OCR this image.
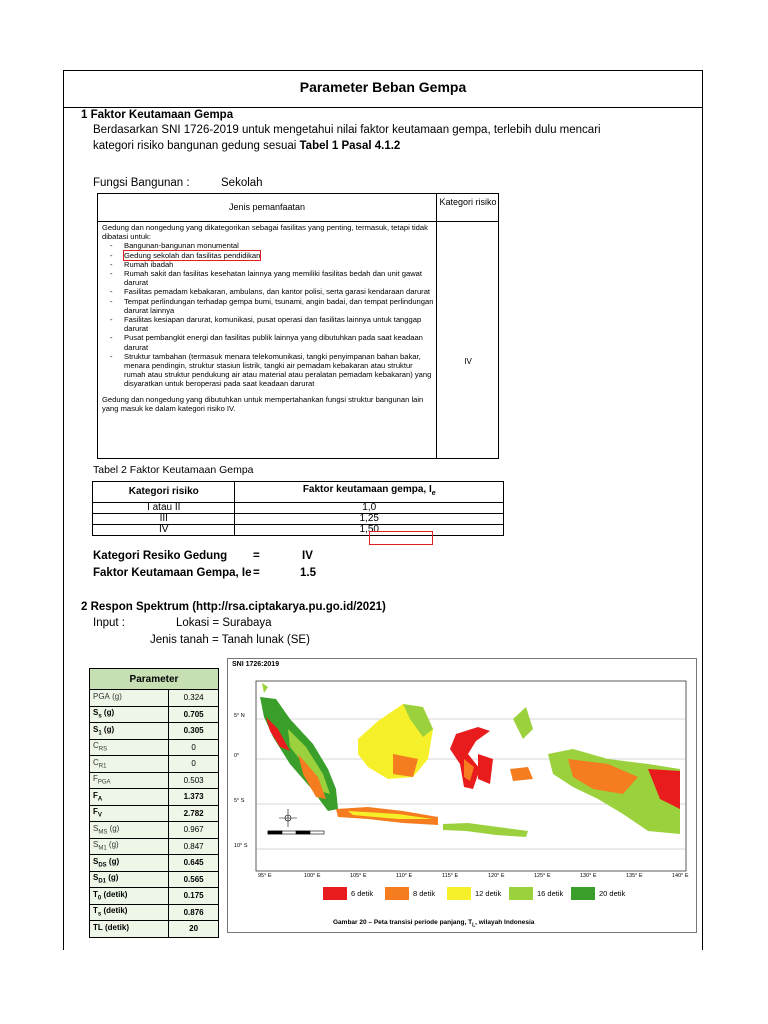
Parameter Beban Gempa
1 Faktor Keutamaan Gempa
Berdasarkan SNI 1726-2019 untuk mengetahui nilai faktor keutamaan gempa, terlebih dulu mencari
kategori risiko bangunan gedung sesuai Tabel 1 Pasal 4.1.2
Fungsi Bangunan :	Sekolah
Jenis pemanfaatan	Kategori risiko

Gedung dan nongedung yang dikategorikan sebagai fasilitas yang penting, termasuk, tetapi tidak dibatasi untuk:

- Bangunan-bangunan monumental
- Gedung sekolah dan fasilitas pendidikan
- Rumah ibadah
- Rumah sakit dan fasilitas kesehatan lainnya yang memiliki fasilitas bedah dan unit gawat darurat
- Fasilitas pemadam kebakaran, ambulans, dan kantor polisi, serta garasi kendaraan darurat
- Tempat perlindungan terhadap gempa bumi, tsunami, angin badai, dan tempat perlindungan darurat lainnya
- Fasilitas kesiapan darurat, komunikasi, pusat operasi dan fasilitas lainnya untuk tanggap darurat
- Pusat pembangkit energi dan fasilitas publik lainnya yang dibutuhkan pada saat keadaan darurat
- Struktur tambahan (termasuk menara telekomunikasi, tangki penyimpanan bahan bakar, menara pendingin, struktur stasiun listrik, tangki air pemadam kebakaran atau struktur rumah atau struktur pendukung air atau material atau peralatan pemadam kebakaran) yang disyaratkan untuk beroperasi pada saat keadaan darurat

Gedung dan nongedung yang dibutuhkan untuk mempertahankan fungsi struktur bangunan lain yang masuk ke dalam kategori risiko IV.

IV
Tabel 2 Faktor Keutamaan Gempa
Kategori risiko	Faktor keutamaan gempa, $I_e$
I atau II	1,0
III	1,25
IV	1,50
Kategori Resiko Gedung =	IV
Faktor Keutamaan Gempa, Ie =	1.5
2 Respon Spektrum (http://rsa.ciptakarya.pu.go.id/2021)
Input :	Lokasi = Surabaya
Jenis tanah = Tanah lunak (SE)
Parameter	
PGA (g)	0.324
$S_s$ (g)	0.705
$S_1$ (g)	0.305
$C_{RS}$	0
$C_{R1}$	0
$F_{PGA}$	0.503
$F_A$	1.373
$F_V$	2.782
$S_{MS}$ (g)	0.967
$S_{M1}$ (g)	0.847
$S_{DS}$ (g)	0.645
$S_{D1}$ (g)	0.565
$T_0$ (detik)	0.175
$T_s$ (detik)	0.876
TL (detik)	20
SNI 1726:2019
5° N
0°
5° S
10° S
95° E	100° E	105° E	110° E	115° E	120° E	125° E	130° E	135° E	140° E
6 detik	8 detik	12 detik	16 detik	20 detik
Gambar 20 – Peta transisi periode panjang, $T_L$, wilayah Indonesia
